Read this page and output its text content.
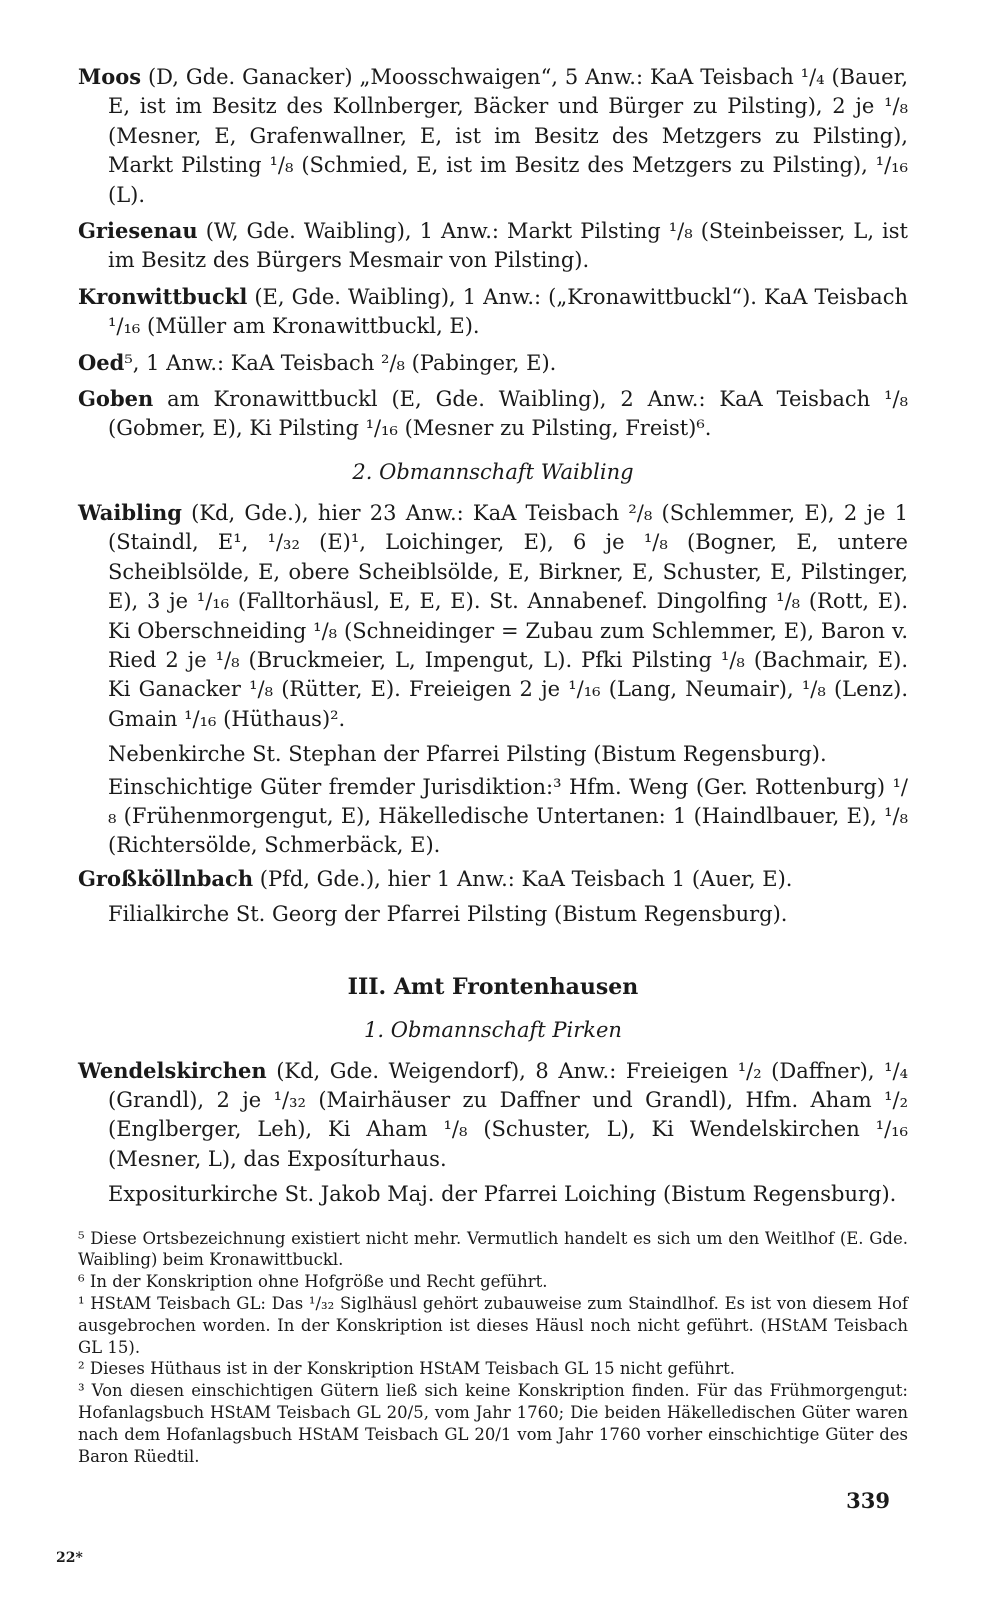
Moos (D, Gde. Ganacker) „Moosschwaigen“, 5 Anw.: KaA Teisbach ¹/₄ (Bauer, E, ist im Besitz des Kollnberger, Bäcker und Bürger zu Pilsting), 2 je ¹/₈ (Mesner, E, Grafenwallner, E, ist im Besitz des Metzgers zu Pilsting), Markt Pilsting ¹/₈ (Schmied, E, ist im Besitz des Metzgers zu Pilsting), ¹/₁₆ (L).

Griesenau (W, Gde. Waibling), 1 Anw.: Markt Pilsting ¹/₈ (Steinbeisser, L, ist im Besitz des Bürgers Mesmair von Pilsting).

Kronwittbuckl (E, Gde. Waibling), 1 Anw.: („Kronawittbuckl“). KaA Teisbach ¹/₁₆ (Müller am Kronawittbuckl, E).

Oed⁵, 1 Anw.: KaA Teisbach ²/₈ (Pabinger, E).

Goben am Kronawittbuckl (E, Gde. Waibling), 2 Anw.: KaA Teisbach ¹/₈ (Gobmer, E), Ki Pilsting ¹/₁₆ (Mesner zu Pilsting, Freist)⁶.

2. Obmannschaft Waibling

Waibling (Kd, Gde.), hier 23 Anw.: KaA Teisbach ²/₈ (Schlemmer, E), 2 je 1 (Staindl, E¹, ¹/₃₂ (E)¹, Loichinger, E), 6 je ¹/₈ (Bogner, E, untere Scheiblsölde, E, obere Scheiblsölde, E, Birkner, E, Schuster, E, Pilstinger, E), 3 je ¹/₁₆ (Falltorhäusl, E, E, E). St. Annabenef. Dingolfing ¹/₈ (Rott, E). Ki Oberschneiding ¹/₈ (Schneidinger = Zubau zum Schlemmer, E), Baron v. Ried 2 je ¹/₈ (Bruckmeier, L, Impengut, L). Pfki Pilsting ¹/₈ (Bachmair, E). Ki Ganacker ¹/₈ (Rütter, E). Freieigen 2 je ¹/₁₆ (Lang, Neumair), ¹/₈ (Lenz). Gmain ¹/₁₆ (Hüthaus)².

Nebenkirche St. Stephan der Pfarrei Pilsting (Bistum Regensburg).

Einschichtige Güter fremder Jurisdiktion:³ Hfm. Weng (Ger. Rottenburg) ¹/₈ (Frühenmorgengut, E), Häkelledische Untertanen: 1 (Haindlbauer, E), ¹/₈ (Richtersölde, Schmerbäck, E).

Großköllnbach (Pfd, Gde.), hier 1 Anw.: KaA Teisbach 1 (Auer, E).

Filialkirche St. Georg der Pfarrei Pilsting (Bistum Regensburg).

III. Amt Frontenhausen
1. Obmannschaft Pirken

Wendelskirchen (Kd, Gde. Weigendorf), 8 Anw.: Freieigen ¹/₂ (Daffner), ¹/₄ (Grandl), 2 je ¹/₃₂ (Mairhäuser zu Daffner und Grandl), Hfm. Aham ¹/₂ (Englberger, Leh), Ki Aham ¹/₈ (Schuster, L), Ki Wendelskirchen ¹/₁₆ (Mesner, L), das Exposíturhaus.

Expositurkirche St. Jakob Maj. der Pfarrei Loiching (Bistum Regensburg).

⁵ Diese Ortsbezeichnung existiert nicht mehr. Vermutlich handelt es sich um den Weitlhof (E. Gde. Waibling) beim Kronawittbuckl.

⁶ In der Konskription ohne Hofgröße und Recht geführt.

¹ HStAM Teisbach GL: Das ¹/₃₂ Siglhäusl gehört zubauweise zum Staindlhof. Es ist von diesem Hof ausgebrochen worden. In der Konskription ist dieses Häusl noch nicht geführt. (HStAM Teisbach GL 15).

² Dieses Hüthaus ist in der Konskription HStAM Teisbach GL 15 nicht geführt.

³ Von diesen einschichtigen Gütern ließ sich keine Konskription finden. Für das Frühmorgengut: Hofanlagsbuch HStAM Teisbach GL 20/5, vom Jahr 1760; Die beiden Häkelledischen Güter waren nach dem Hofanlagsbuch HStAM Teisbach GL 20/1 vom Jahr 1760 vorher einschichtige Güter des Baron Rüedtil.

339
22*
